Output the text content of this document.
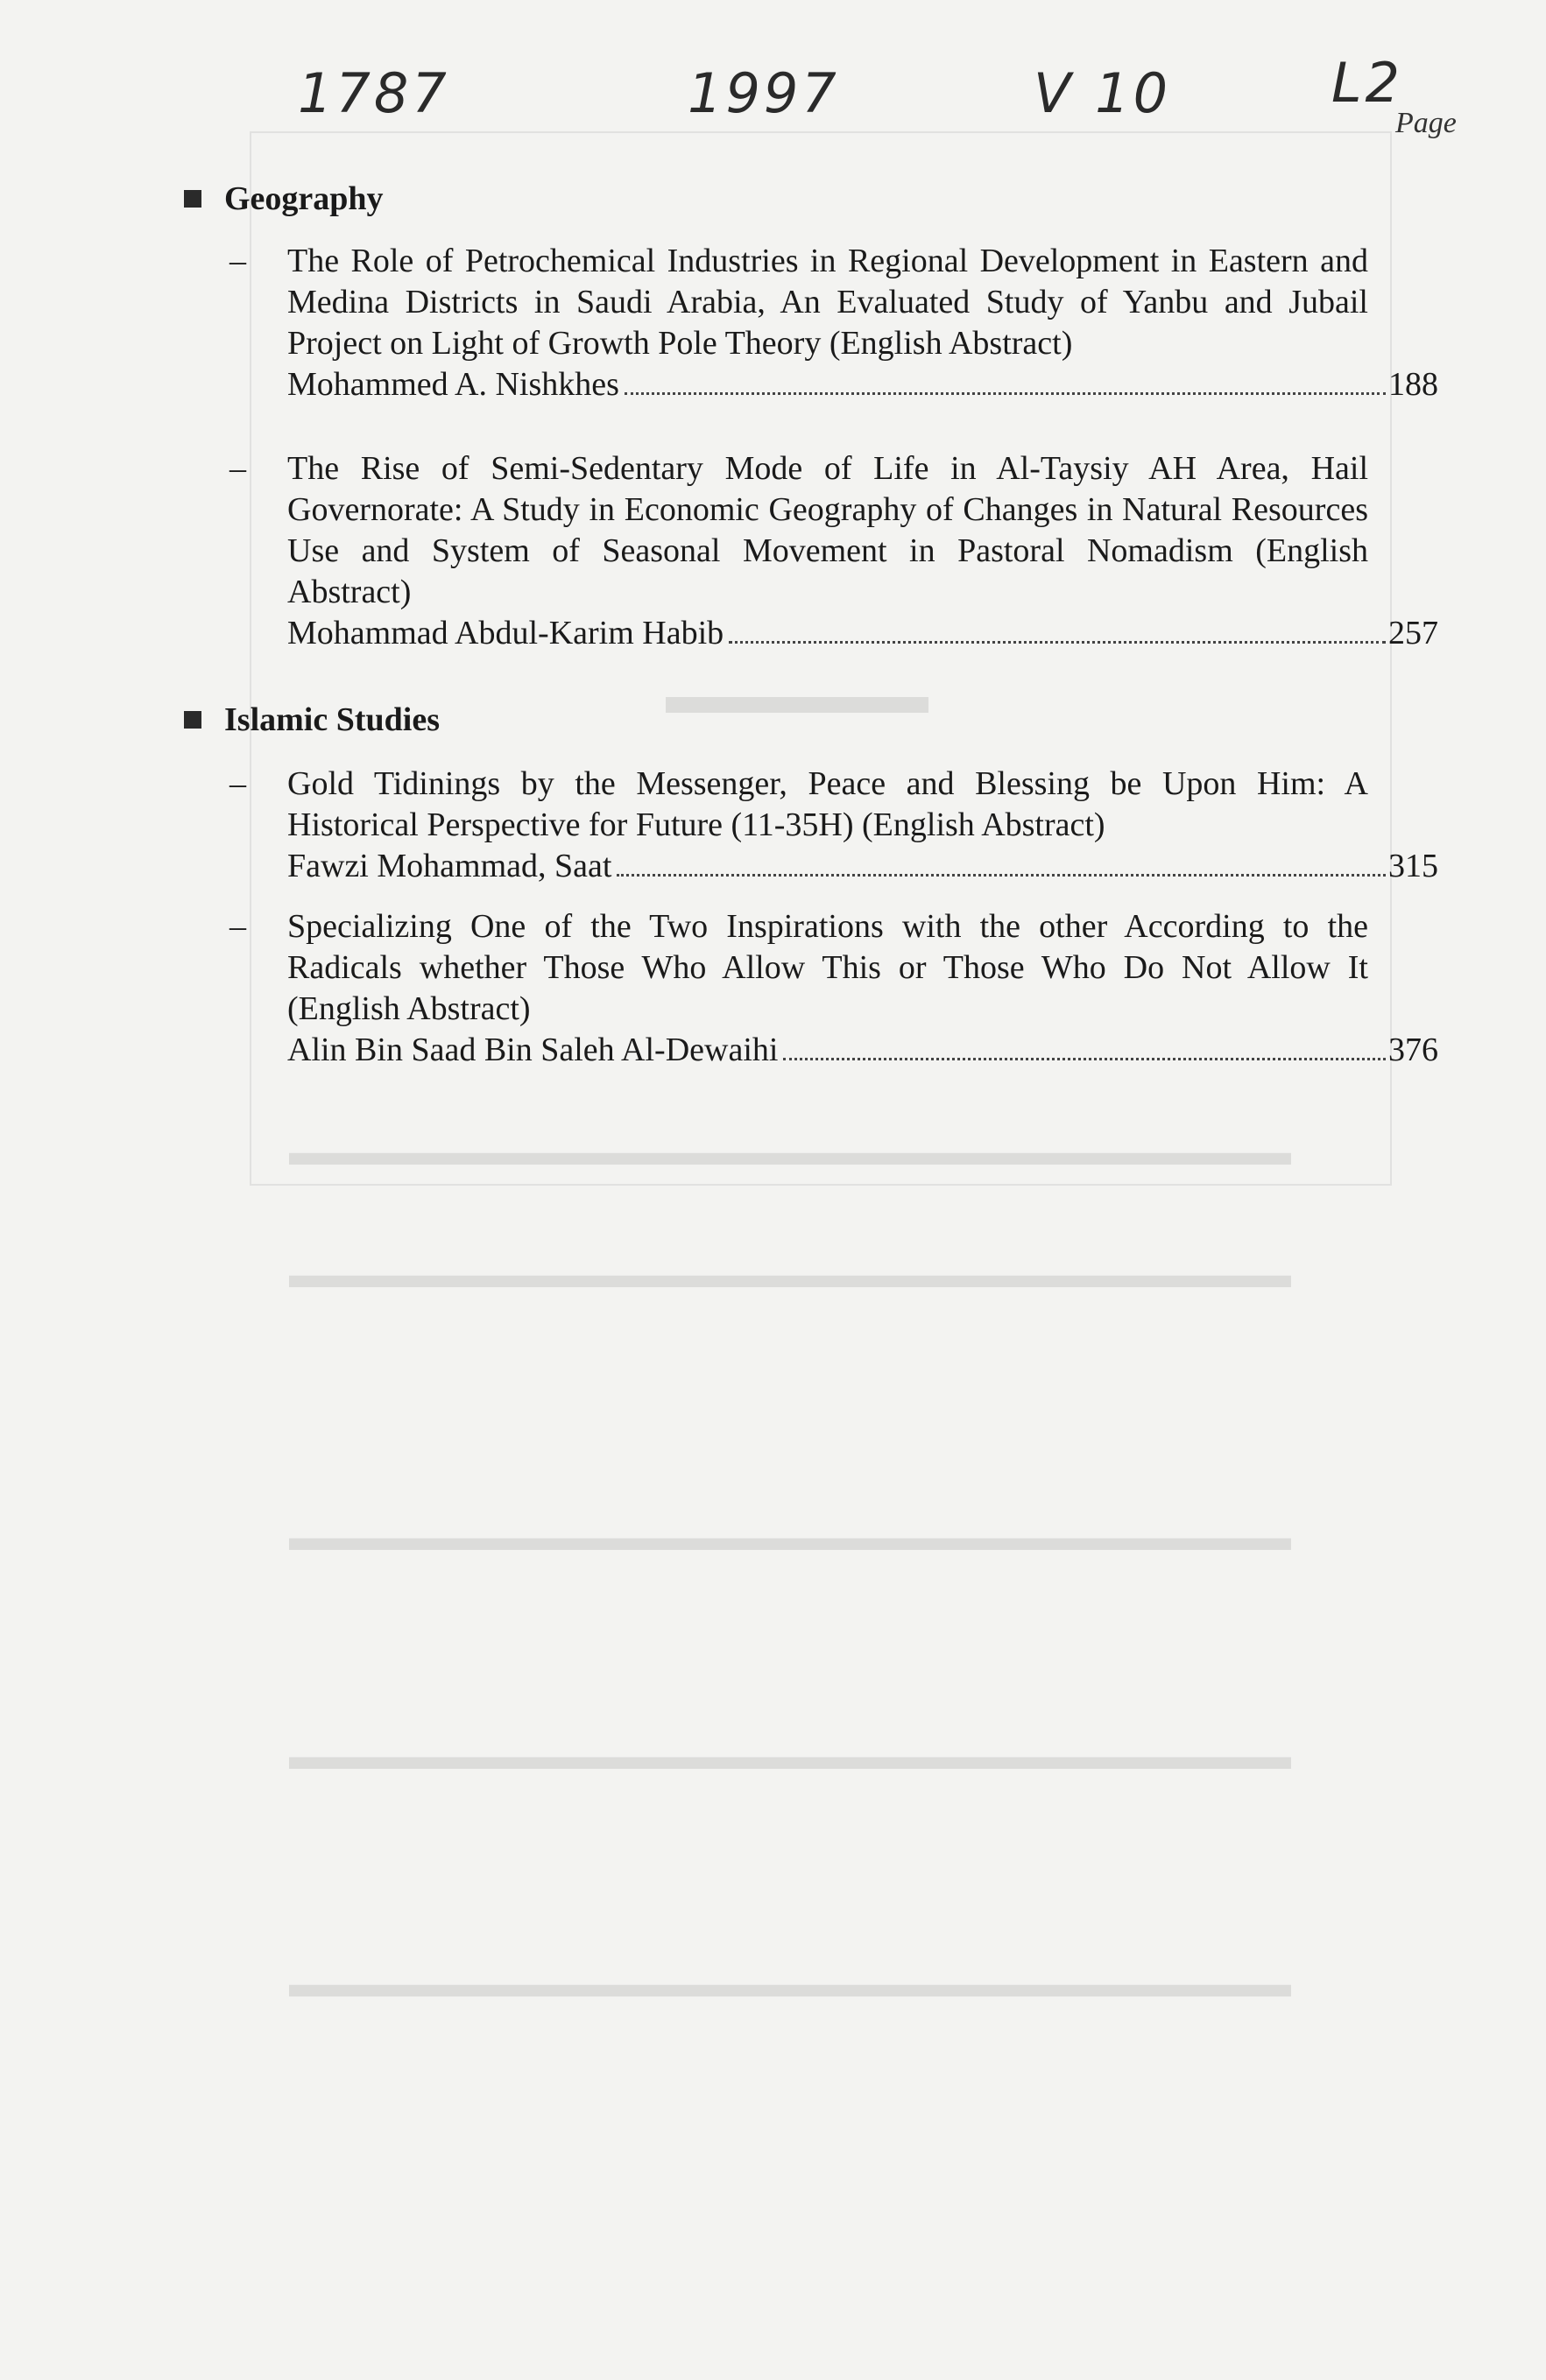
▬▬▬▬▬
▬▬▬▬▬▬▬▬▬▬▬▬▬▬▬▬▬▬▬▬▬▬▬▬▬▬
▬▬▬▬▬▬▬▬▬▬▬▬▬▬▬▬▬▬▬▬▬▬▬▬▬▬
▬▬▬▬▬▬▬▬▬▬▬▬▬▬▬▬▬▬▬▬▬▬▬▬▬▬
▬▬▬▬▬▬▬▬▬▬▬▬▬▬▬▬▬▬▬▬▬▬▬▬▬▬
▬▬▬▬▬▬▬▬▬▬▬▬▬▬▬▬▬▬▬▬▬▬▬▬▬▬
1787	1997	V 10	L2
Page
Geography
– The Role of Petrochemical Industries in Regional Development in Eastern and Medina Districts in Saudi Arabia, An Evaluated Study of Yanbu and Jubail Project on Light of Growth Pole Theory (English Abstract)
Mohammed A. Nishkhes	188
– The Rise of Semi-Sedentary Mode of Life in Al-Taysiy AH Area, Hail Governorate: A Study in Economic Geography of Changes in Natural Resources Use and System of Seasonal Movement in Pastoral Nomadism (English Abstract)
Mohammad Abdul-Karim Habib	257
Islamic Studies
– Gold Tidinings by the Messenger, Peace and Blessing be Upon Him: A Historical Perspective for Future (11-35H) (English Abstract)
Fawzi Mohammad, Saat	315
– Specializing One of the Two Inspirations with the other According to the Radicals whether Those Who Allow This or Those Who Do Not Allow It (English Abstract)
Alin Bin Saad Bin Saleh Al-Dewaihi	376
